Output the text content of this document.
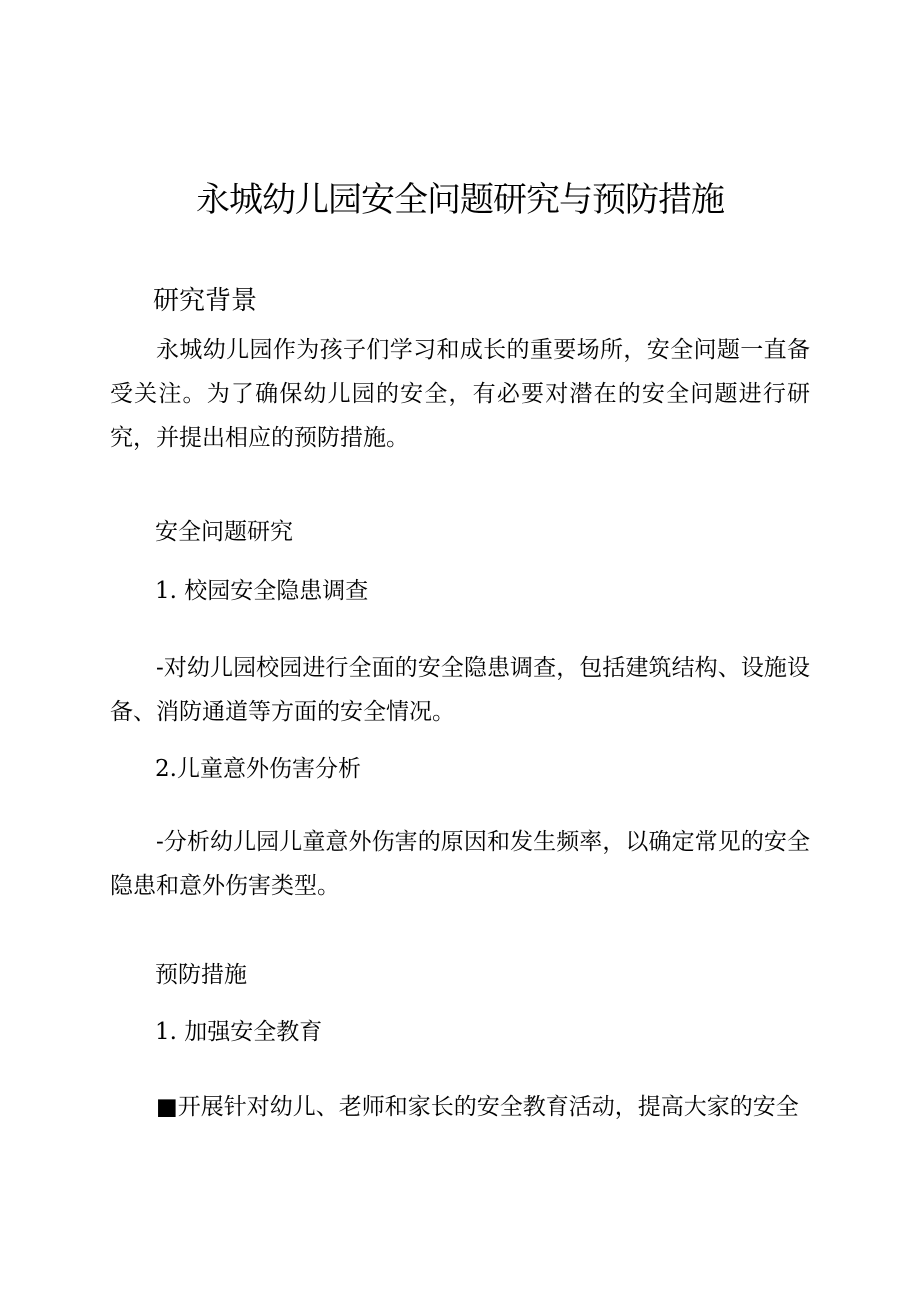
永城幼儿园安全问题研究与预防措施
研究背景
永城幼儿园作为孩子们学习和成长的重要场所，安全问题一直备受关注。为了确保幼儿园的安全，有必要对潜在的安全问题进行研究，并提出相应的预防措施。
安全问题研究
1. 校园安全隐患调查
-对幼儿园校园进行全面的安全隐患调查，包括建筑结构、设施设备、消防通道等方面的安全情况。
2.儿童意外伤害分析
-分析幼儿园儿童意外伤害的原因和发生频率，以确定常见的安全隐患和意外伤害类型。
预防措施
1. 加强安全教育
■开展针对幼儿、老师和家长的安全教育活动，提高大家的安全
